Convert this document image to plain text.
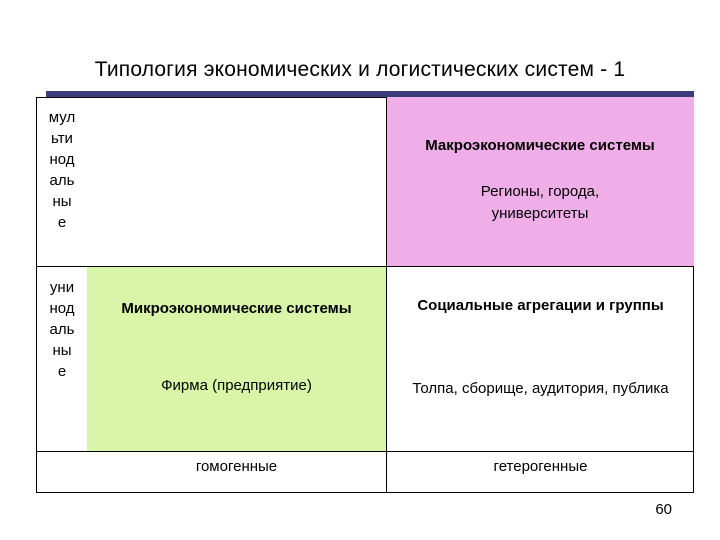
Типология экономических и логистических систем - 1
мул
ьти
нод
аль
ны
е
Макроэкономические системы
Регионы, города, университеты
уни
нод
аль
ны
е
Микроэкономические системы
Фирма (предприятие)
Социальные агрегации и группы
Толпа, сборище, аудитория, публика
гомогенные	гетерогенные
60
